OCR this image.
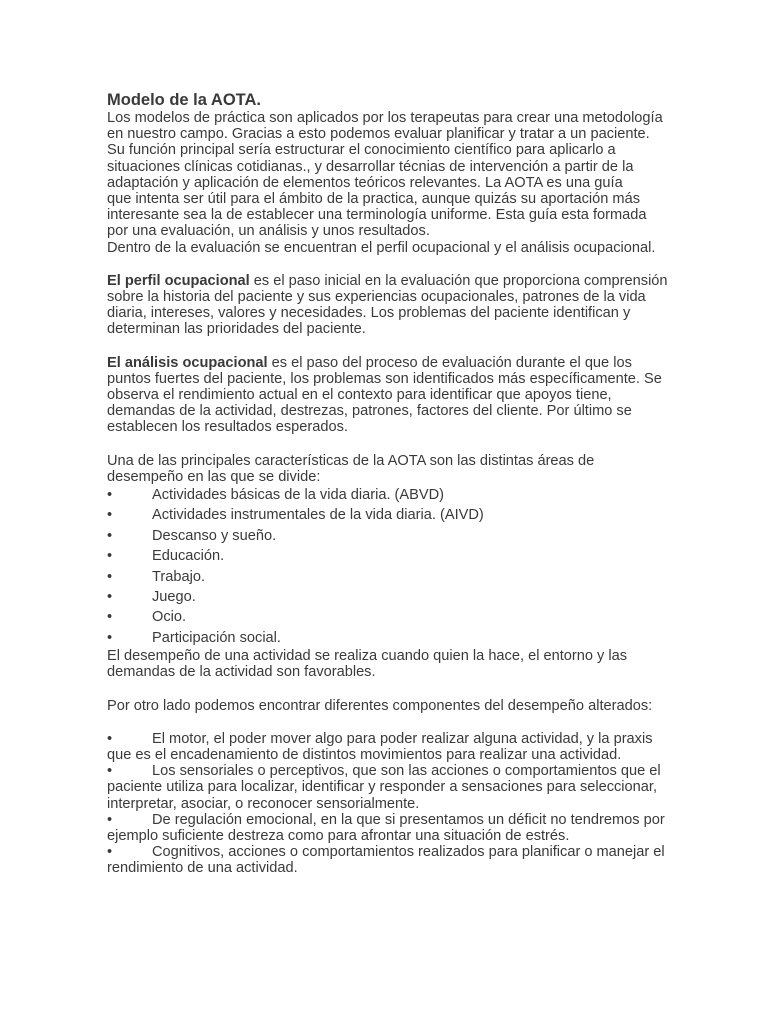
Modelo de la AOTA.
Los modelos de práctica son aplicados por los terapeutas para crear una metodología
en nuestro campo. Gracias a esto podemos evaluar planificar y tratar a un paciente.
Su función principal sería estructurar el conocimiento científico para aplicarlo a
situaciones clínicas cotidianas., y desarrollar técnias de intervención a partir de la
adaptación y aplicación de elementos teóricos relevantes. La AOTA es una guía
que intenta ser útil para el ámbito de la practica, aunque quizás su aportación más
interesante sea la de establecer una terminología uniforme. Esta guía esta formada
por una evaluación, un análisis y unos resultados.
Dentro de la evaluación se encuentran el perfil ocupacional y el análisis ocupacional.
El perfil ocupacional es el paso inicial en la evaluación que proporciona comprensión
sobre la historia del paciente y sus experiencias ocupacionales, patrones de la vida
diaria, intereses, valores y necesidades. Los problemas del paciente identifican y
determinan las prioridades del paciente.
El análisis ocupacional es el paso del proceso de evaluación durante el que los
puntos fuertes del paciente, los problemas son identificados más específicamente. Se
observa el rendimiento actual en el contexto para identificar que apoyos tiene,
demandas de la actividad, destrezas, patrones, factores del cliente. Por último se
establecen los resultados esperados.
Una de las principales características de la AOTA son las distintas áreas de
desempeño en las que se divide:
•	Actividades básicas de la vida diaria. (ABVD)
•	Actividades instrumentales de la vida diaria. (AIVD)
•	Descanso y sueño.
•	Educación.
•	Trabajo.
•	Juego.
•	Ocio.
•	Participación social.
El desempeño de una actividad se realiza cuando quien la hace, el entorno y las
demandas de la actividad son favorables.
Por otro lado podemos encontrar diferentes componentes del desempeño alterados:
•	El motor, el poder mover algo para poder realizar alguna actividad, y la praxis
que es el encadenamiento de distintos movimientos para realizar una actividad.
•	Los sensoriales o perceptivos, que son las acciones o comportamientos que el
paciente utiliza para localizar, identificar y responder a sensaciones para seleccionar,
interpretar, asociar, o reconocer sensorialmente.
•	De regulación emocional, en la que si presentamos un déficit no tendremos por
ejemplo suficiente destreza como para afrontar una situación de estrés.
•	Cognitivos, acciones o comportamientos realizados para planificar o manejar el
rendimiento de una actividad.
